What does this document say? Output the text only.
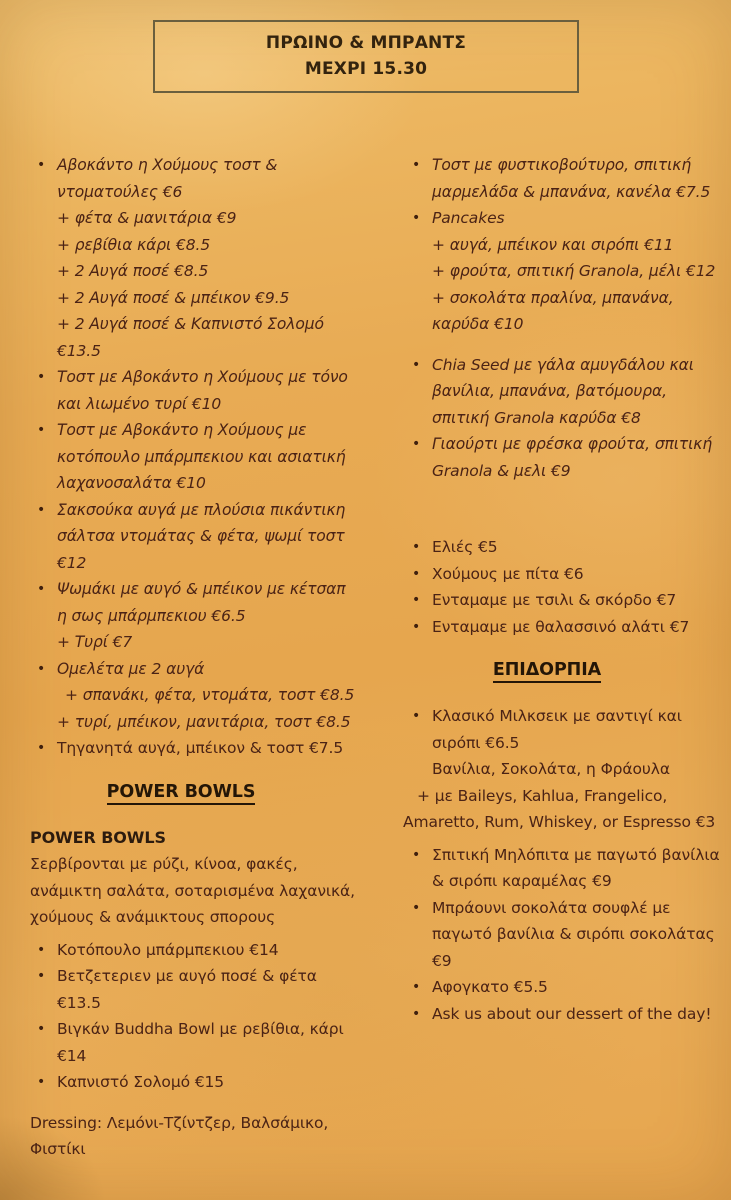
ΠΡΩΙΝΟ & ΜΠΡΑΝΤΣ
ΜΕΧΡΙ 15.30
• Αβοκάντο η Χούμους τοστ &
ντοματούλες €6
+ φέτα & μανιτάρια €9
+ ρεβίθια κάρι €8.5
+ 2 Αυγά ποσέ €8.5
+ 2 Αυγά ποσέ & μπέικον €9.5
+ 2 Αυγά ποσέ & Καπνιστό Σολομό
€13.5
• Τοστ με Αβοκάντο η Χούμους με τόνο
και λιωμένο τυρί €10
• Τοστ με Αβοκάντο η Χούμους με
κοτόπουλο μπάρμπεκιου και ασιατική
λαχανοσαλάτα €10
• Σακσούκα αυγά με πλούσια πικάντικη
σάλτσα ντομάτας & φέτα, ψωμί τοστ
€12
• Ψωμάκι με αυγό & μπέικον με κέτσαπ
η σως μπάρμπεκιου €6.5
+ Τυρί €7
• Ομελέτα με 2 αυγά
+ σπανάκι, φέτα, ντομάτα, τοστ €8.5
+ τυρί, μπέικον, μανιτάρια, τοστ €8.5
• Τηγανητά αυγά, μπέικον & τοστ €7.5
POWER BOWLS
POWER BOWLS
Σερβίρονται με ρύζι, κίνοα, φακές,
ανάμικτη σαλάτα, σοταρισμένα λαχανικά,
χούμους & ανάμικτους σπορους
• Κοτόπουλο μπάρμπεκιου €14
• Βετζετεριεν με αυγό ποσέ & φέτα
€13.5
• Βιγκάν Buddha Bowl με ρεβίθια, κάρι
€14
• Καπνιστό Σολομό €15
Dressing: Λεμόνι-Τζίντζερ, Βαλσάμικο,
Φιστίκι
• Τοστ με φυστικοβούτυρο, σπιτική
μαρμελάδα & μπανάνα, κανέλα €7.5
• Pancakes
+ αυγά, μπέικον και σιρόπι €11
+ φρούτα, σπιτική Granola, μέλι €12
+ σοκολάτα πραλίνα, μπανάνα,
καρύδα €10
• Chia Seed με γάλα αμυγδάλου και
βανίλια, μπανάνα, βατόμουρα,
σπιτική Granola καρύδα €8
• Γιαούρτι με φρέσκα φρούτα, σπιτική
Granola & μελι €9
• Ελιές €5
• Χούμους με πίτα €6
• Ενταμαμε με τσιλι & σκόρδο €7
• Ενταμαμε με θαλασσινό αλάτι €7
ΕΠΙΔΟΡΠΙΑ
• Κλασικό Μιλκσεικ με σαντιγί και
σιρόπι €6.5
Βανίλια, Σοκολάτα, η Φράουλα
+ με Baileys, Kahlua, Frangelico,
Amaretto, Rum, Whiskey, or Espresso €3
• Σπιτική Μηλόπιτα με παγωτό βανίλια
& σιρόπι καραμέλας €9
• Μπράουνι σοκολάτα σουφλέ με
παγωτό βανίλια & σιρόπι σοκολάτας
€9
• Αφογκατο €5.5
• Ask us about our dessert of the day!
